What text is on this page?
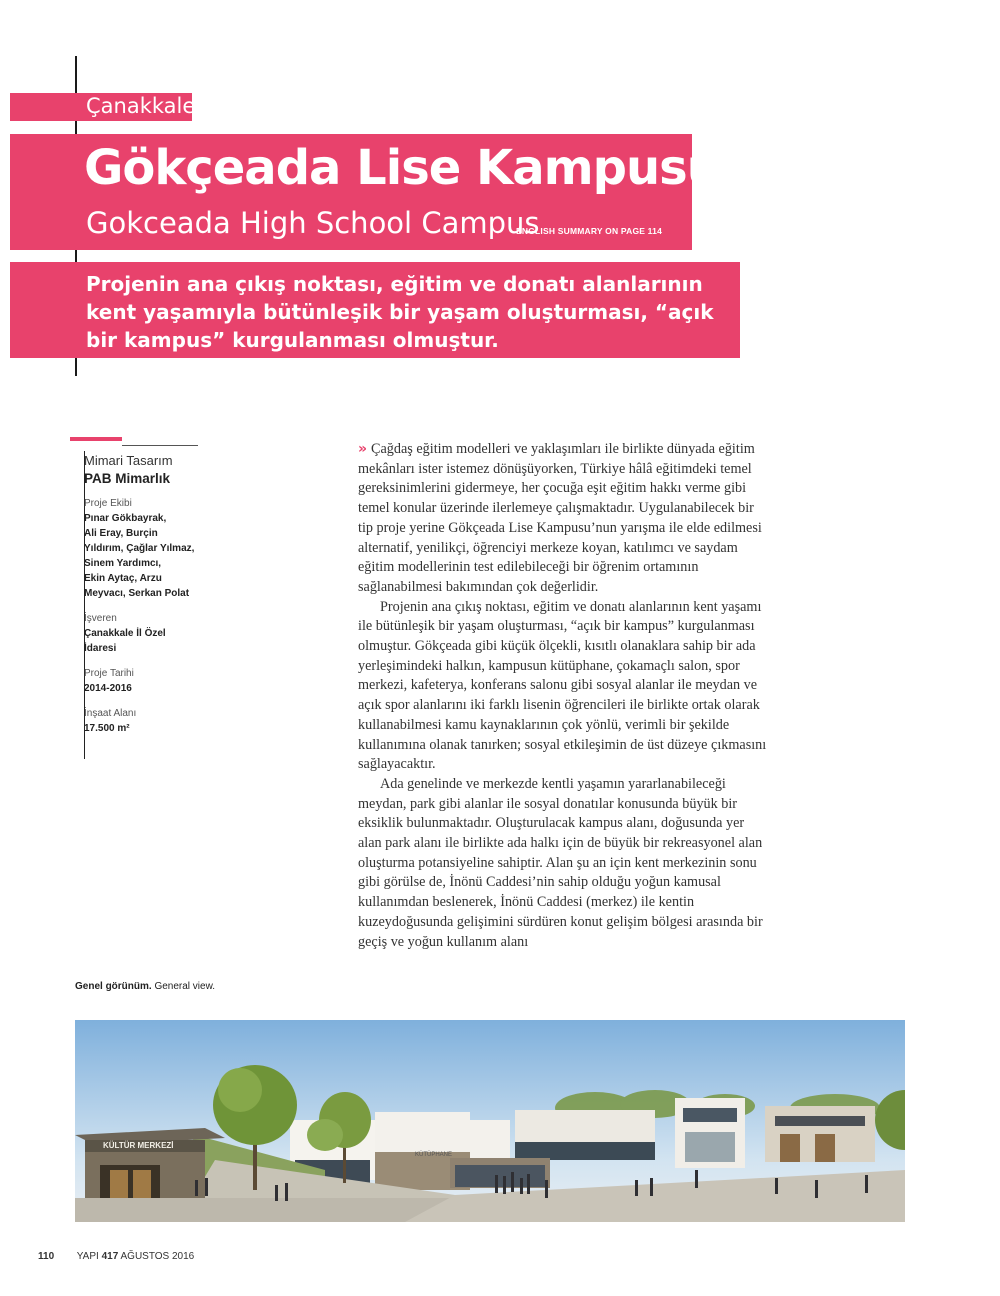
Çanakkale
Gökçeada Lise Kampusu
Gokceada High School Campus
ENGLISH SUMMARY ON PAGE 114

Projenin ana çıkış noktası, eğitim ve donatı alanlarının kent yaşamıyla bütünleşik bir yaşam oluşturması, “açık bir kampus” kurgulanması olmuştur.

Mimari Tasarım
PAB Mimarlık
Proje Ekibi
Pınar Gökbayrak,
Ali Eray, Burçin
Yıldırım, Çağlar Yılmaz,
Sinem Yardımcı,
Ekin Aytaç, Arzu
Meyvacı, Serkan Polat
İşveren
Çanakkale İl Özel
İdaresi
Proje Tarihi
2014-2016
İnşaat Alanı
17.500 m²
Genel görünüm. General view.

» Çağdaş eğitim modelleri ve yaklaşımları ile birlikte dünyada eğitim mekânları ister istemez dönüşüyorken, Türkiye hâlâ eğitimdeki temel gereksinimlerini gidermeye, her çocuğa eşit eğitim hakkı verme gibi temel konular üzerinde ilerlemeye çalışmaktadır. Uygulanabilecek bir tip proje yerine Gökçeada Lise Kampusu’nun yarışma ile elde edilmesi alternatif, yenilikçi, öğrenciyi merkeze koyan, katılımcı ve saydam eğitim modellerinin test edilebileceği bir öğrenim ortamının sağlanabilmesi bakımından çok değerlidir.

Projenin ana çıkış noktası, eğitim ve donatı alanlarının kent yaşamı ile bütünleşik bir yaşam oluşturması, “açık bir kampus” kurgulanması olmuştur. Gökçeada gibi küçük ölçekli, kısıtlı olanaklara sahip bir ada yerleşimindeki halkın, kampusun kütüphane, çokamaçlı salon, spor merkezi, kafeterya, konferans salonu gibi sosyal alanlar ile meydan ve açık spor alanlarını iki farklı lisenin öğrencileri ile birlikte ortak olarak kullanabilmesi kamu kaynaklarının çok yönlü, verimli bir şekilde kullanımına olanak tanırken; sosyal etkileşimin de üst düzeye çıkmasını sağlayacaktır.

Ada genelinde ve merkezde kentli yaşamın yararlanabileceği meydan, park gibi alanlar ile sosyal donatılar konusunda büyük bir eksiklik bulunmaktadır. Oluşturulacak kampus alanı, doğusunda yer alan park alanı ile birlikte ada halkı için de büyük bir rekreasyonel alan oluşturma potansiyeline sahiptir. Alan şu an için kent merkezinin sonu gibi görülse de, İnönü Caddesi’nin sahip olduğu yoğun kamusal kullanımdan beslenerek, İnönü Caddesi (merkez) ile kentin kuzeydoğusunda gelişimini sürdüren konut gelişim bölgesi arasında bir geçiş ve yoğun kullanım alanı

KÜTÜPHANE
KÜLTÜR MERKEZİ
110 YAPI 417 AĞUSTOS 2016
